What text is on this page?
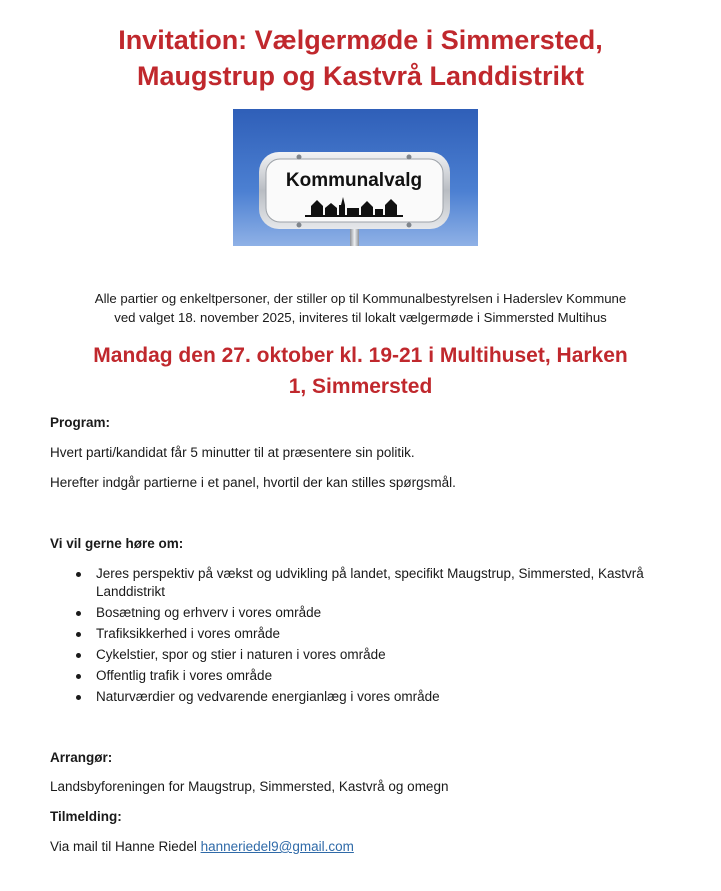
Invitation: Vælgermøde i Simmersted,
Maugstrup og Kastvrå Landdistrikt
Kommunalvalg

Alle partier og enkeltpersoner, der stiller op til Kommunalbestyrelsen i Haderslev Kommune
ved valget 18. november 2025, inviteres til lokalt vælgermøde i Simmersted Multihus

Mandag den 27. oktober kl. 19-21 i Multihuset, Harken
1, Simmersted

Program:

Hvert parti/kandidat får 5 minutter til at præsentere sin politik.

Herefter indgår partierne i et panel, hvortil der kan stilles spørgsmål.

Vi vil gerne høre om:

Jeres perspektiv på vækst og udvikling på landet, specifikt Maugstrup, Simmersted, Kastvrå Landdistrikt
Bosætning og erhverv i vores område
Trafiksikkerhed i vores område
Cykelstier, spor og stier i naturen i vores område
Offentlig trafik i vores område
Naturværdier og vedvarende energianlæg i vores område

Arrangør:

Landsbyforeningen for Maugstrup, Simmersted, Kastvrå og omegn

Tilmelding:

Via mail til Hanne Riedel hanneriedel9@gmail.com
